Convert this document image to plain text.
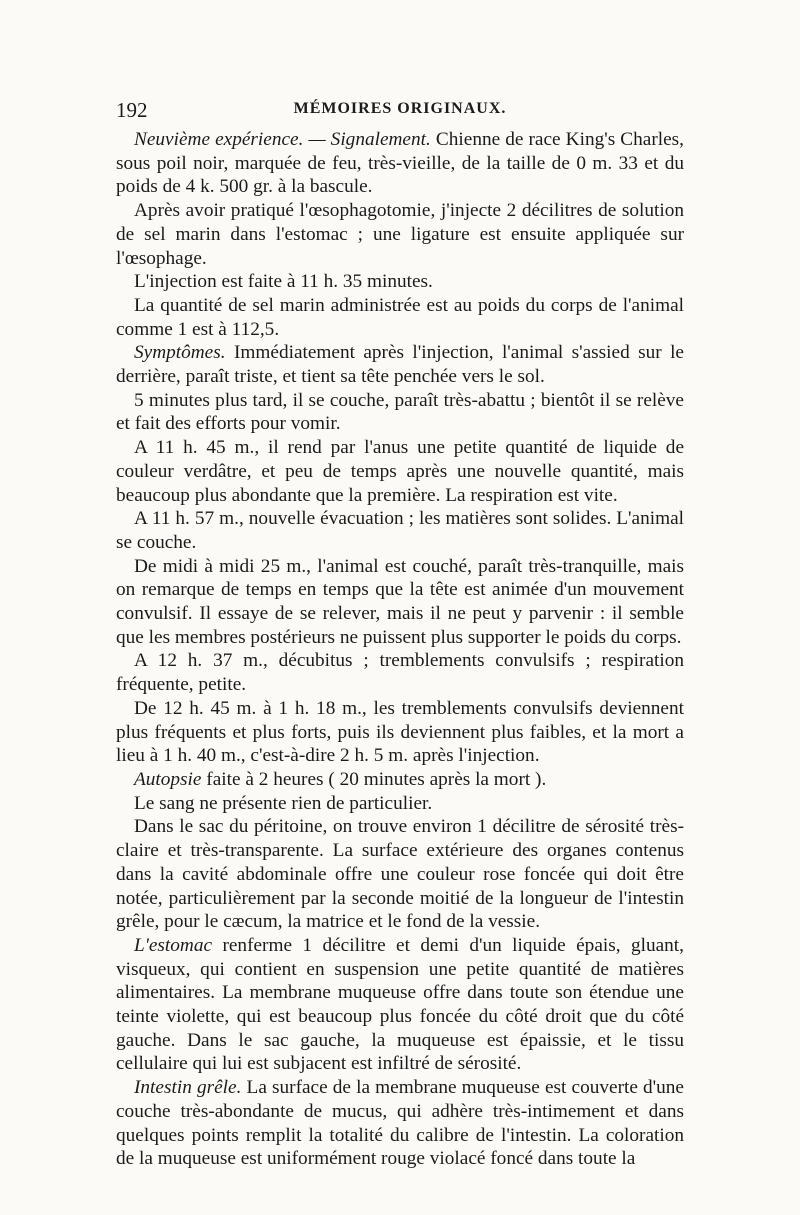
192	MÉMOIRES ORIGINAUX.

Neuvième expérience. — Signalement. Chienne de race King's Charles, sous poil noir, marquée de feu, très-vieille, de la taille de 0 m. 33 et du poids de 4 k. 500 gr. à la bascule.

Après avoir pratiqué l'œsophagotomie, j'injecte 2 décilitres de solution de sel marin dans l'estomac ; une ligature est ensuite appliquée sur l'œsophage.

L'injection est faite à 11 h. 35 minutes.

La quantité de sel marin administrée est au poids du corps de l'animal comme 1 est à 112,5.

Symptômes. Immédiatement après l'injection, l'animal s'assied sur le derrière, paraît triste, et tient sa tête penchée vers le sol.

5 minutes plus tard, il se couche, paraît très-abattu ; bientôt il se relève et fait des efforts pour vomir.

A 11 h. 45 m., il rend par l'anus une petite quantité de liquide de couleur verdâtre, et peu de temps après une nouvelle quantité, mais beaucoup plus abondante que la première. La respiration est vite.

A 11 h. 57 m., nouvelle évacuation ; les matières sont solides. L'animal se couche.

De midi à midi 25 m., l'animal est couché, paraît très-tranquille, mais on remarque de temps en temps que la tête est animée d'un mouvement convulsif. Il essaye de se relever, mais il ne peut y parvenir : il semble que les membres postérieurs ne puissent plus supporter le poids du corps.

A 12 h. 37 m., décubitus ; tremblements convulsifs ; respiration fréquente, petite.

De 12 h. 45 m. à 1 h. 18 m., les tremblements convulsifs deviennent plus fréquents et plus forts, puis ils deviennent plus faibles, et la mort a lieu à 1 h. 40 m., c'est-à-dire 2 h. 5 m. après l'injection.

Autopsie faite à 2 heures ( 20 minutes après la mort ).

Le sang ne présente rien de particulier.

Dans le sac du péritoine, on trouve environ 1 décilitre de sérosité très-claire et très-transparente. La surface extérieure des organes contenus dans la cavité abdominale offre une couleur rose foncée qui doit être notée, particulièrement par la seconde moitié de la longueur de l'intestin grêle, pour le cæcum, la matrice et le fond de la vessie.

L'estomac renferme 1 décilitre et demi d'un liquide épais, gluant, visqueux, qui contient en suspension une petite quantité de matières alimentaires. La membrane muqueuse offre dans toute son étendue une teinte violette, qui est beaucoup plus foncée du côté droit que du côté gauche. Dans le sac gauche, la muqueuse est épaissie, et le tissu cellulaire qui lui est subjacent est infiltré de sérosité.

Intestin grêle. La surface de la membrane muqueuse est couverte d'une couche très-abondante de mucus, qui adhère très-intimement et dans quelques points remplit la totalité du calibre de l'intestin. La coloration de la muqueuse est uniformément rouge violacé foncé dans toute la
